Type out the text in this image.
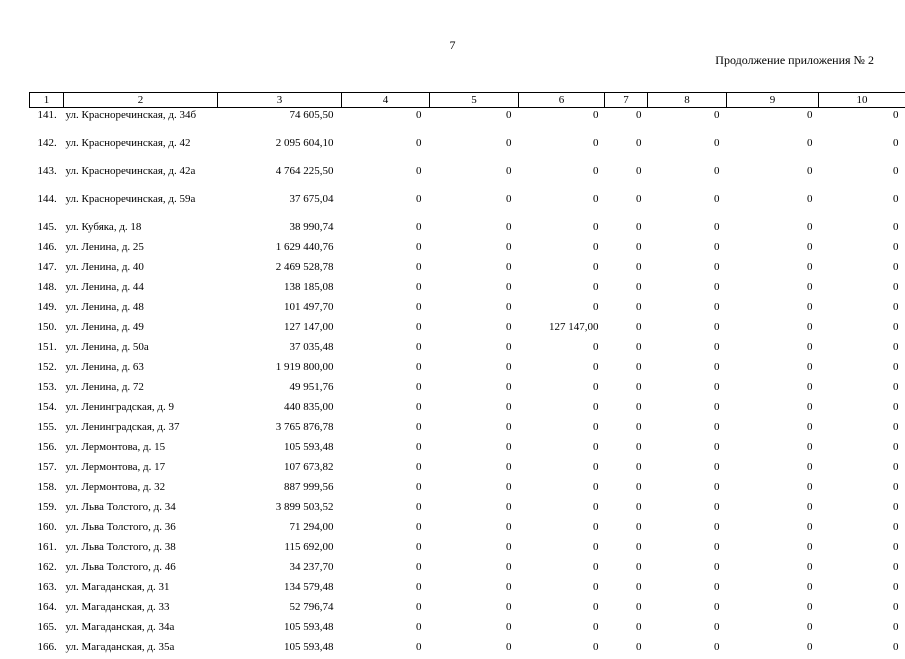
7
Продолжение приложения № 2
1	2	3	4	5	6	7	8	9	10
141.	ул. Красноречинская, д. 34б	74 605,50	0	0	0	0	0	0	0
142.	ул. Красноречинская, д. 42	2 095 604,10	0	0	0	0	0	0	0
143.	ул. Красноречинская, д. 42а	4 764 225,50	0	0	0	0	0	0	0
144.	ул. Красноречинская, д. 59а	37 675,04	0	0	0	0	0	0	0
145.	ул. Кубяка, д. 18	38 990,74	0	0	0	0	0	0	0
146.	ул. Ленина, д. 25	1 629 440,76	0	0	0	0	0	0	0
147.	ул. Ленина, д. 40	2 469 528,78	0	0	0	0	0	0	0
148.	ул. Ленина, д. 44	138 185,08	0	0	0	0	0	0	0
149.	ул. Ленина, д. 48	101 497,70	0	0	0	0	0	0	0
150.	ул. Ленина, д. 49	127 147,00	0	0	127 147,00	0	0	0	0
151.	ул. Ленина, д. 50а	37 035,48	0	0	0	0	0	0	0
152.	ул. Ленина, д. 63	1 919 800,00	0	0	0	0	0	0	0
153.	ул. Ленина, д. 72	49 951,76	0	0	0	0	0	0	0
154.	ул. Ленинградская, д. 9	440 835,00	0	0	0	0	0	0	0
155.	ул. Ленинградская, д. 37	3 765 876,78	0	0	0	0	0	0	0
156.	ул. Лермонтова, д. 15	105 593,48	0	0	0	0	0	0	0
157.	ул. Лермонтова, д. 17	107 673,82	0	0	0	0	0	0	0
158.	ул. Лермонтова, д. 32	887 999,56	0	0	0	0	0	0	0
159.	ул. Льва Толстого, д. 34	3 899 503,52	0	0	0	0	0	0	0
160.	ул. Льва Толстого, д. 36	71 294,00	0	0	0	0	0	0	0
161.	ул. Льва Толстого, д. 38	115 692,00	0	0	0	0	0	0	0
162.	ул. Льва Толстого, д. 46	34 237,70	0	0	0	0	0	0	0
163.	ул. Магаданская, д. 31	134 579,48	0	0	0	0	0	0	0
164.	ул. Магаданская, д. 33	52 796,74	0	0	0	0	0	0	0
165.	ул. Магаданская, д. 34а	105 593,48	0	0	0	0	0	0	0
166.	ул. Магаданская, д. 35а	105 593,48	0	0	0	0	0	0	0
